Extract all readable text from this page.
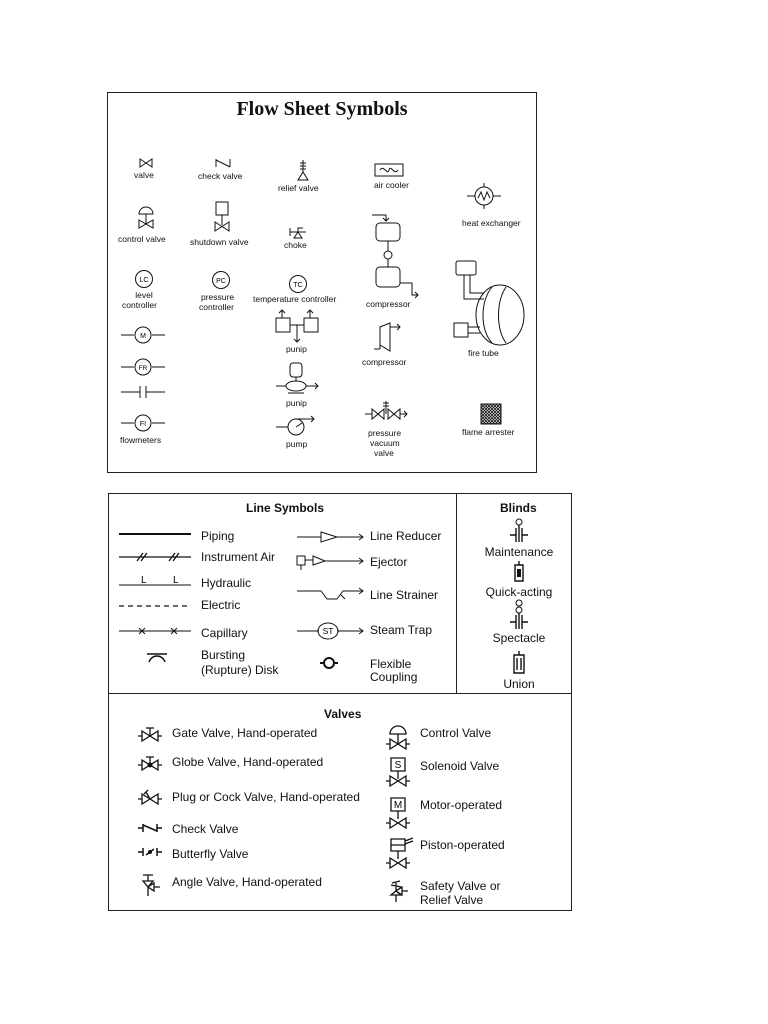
Flow Sheet Symbols
valve	check valve
relief valve	air cooler
heat exchanger
control valve	shutdown valve	choke
compressor
compressor
fire tube
LC
level
controller
PC
pressure
controller
TC
temperature controller
punip
M
FR
FI
flowmeters
punip
pump
pressure
vacuum
valve
flame arrester
Line Symbols
Piping
Instrument Air
L	L Hydraulic
Electric
Capillary
Bursting
(Rupture) Disk
Line Reducer
Ejector
Line Strainer
ST	Steam Trap
Flexible
Coupling
Blinds
Maintenance
Quick-acting
Spectacle
Union
Valves
Gate Valve, Hand-operated
Globe Valve, Hand-operated
Plug or Cock Valve, Hand-operated
Check Valve
Butterfly Valve
Angle Valve, Hand-operated
Control Valve
S Solenoid Valve
M Motor-operated
Piston-operated
Safety Valve or
Relief Valve
